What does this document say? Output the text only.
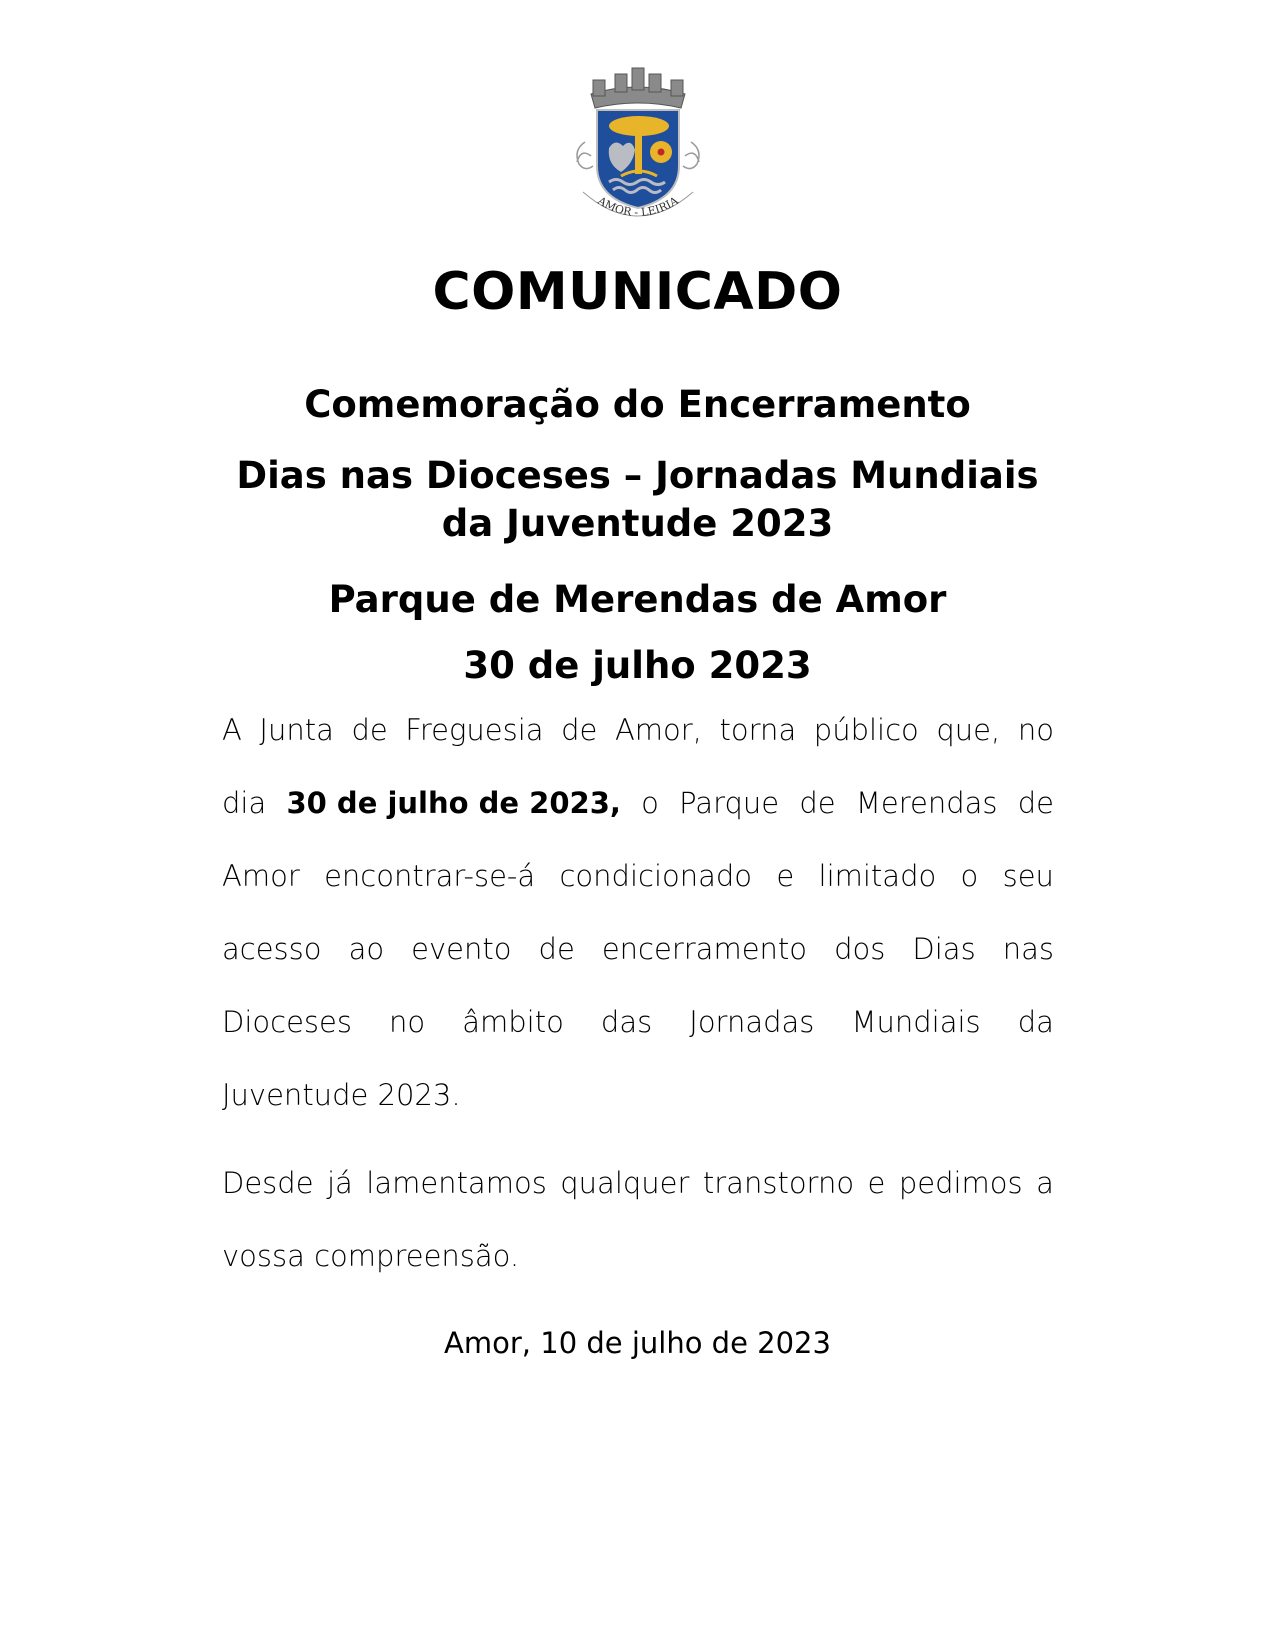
AMOR - LEIRIA
COMUNICADO
Comemoração do Encerramento
Dias nas Dioceses – Jornadas Mundiais
da Juventude 2023
Parque de Merendas de Amor
30 de julho 2023
A Junta de Freguesia de Amor, torna público que, no
dia 30 de julho de 2023, o Parque de Merendas de
Amor encontrar-se-á condicionado e limitado o seu
acesso ao evento de encerramento dos Dias nas
Dioceses no âmbito das Jornadas Mundiais da
Juventude 2023.
Desde já lamentamos qualquer transtorno e pedimos a
vossa compreensão.
Amor, 10 de julho de 2023
